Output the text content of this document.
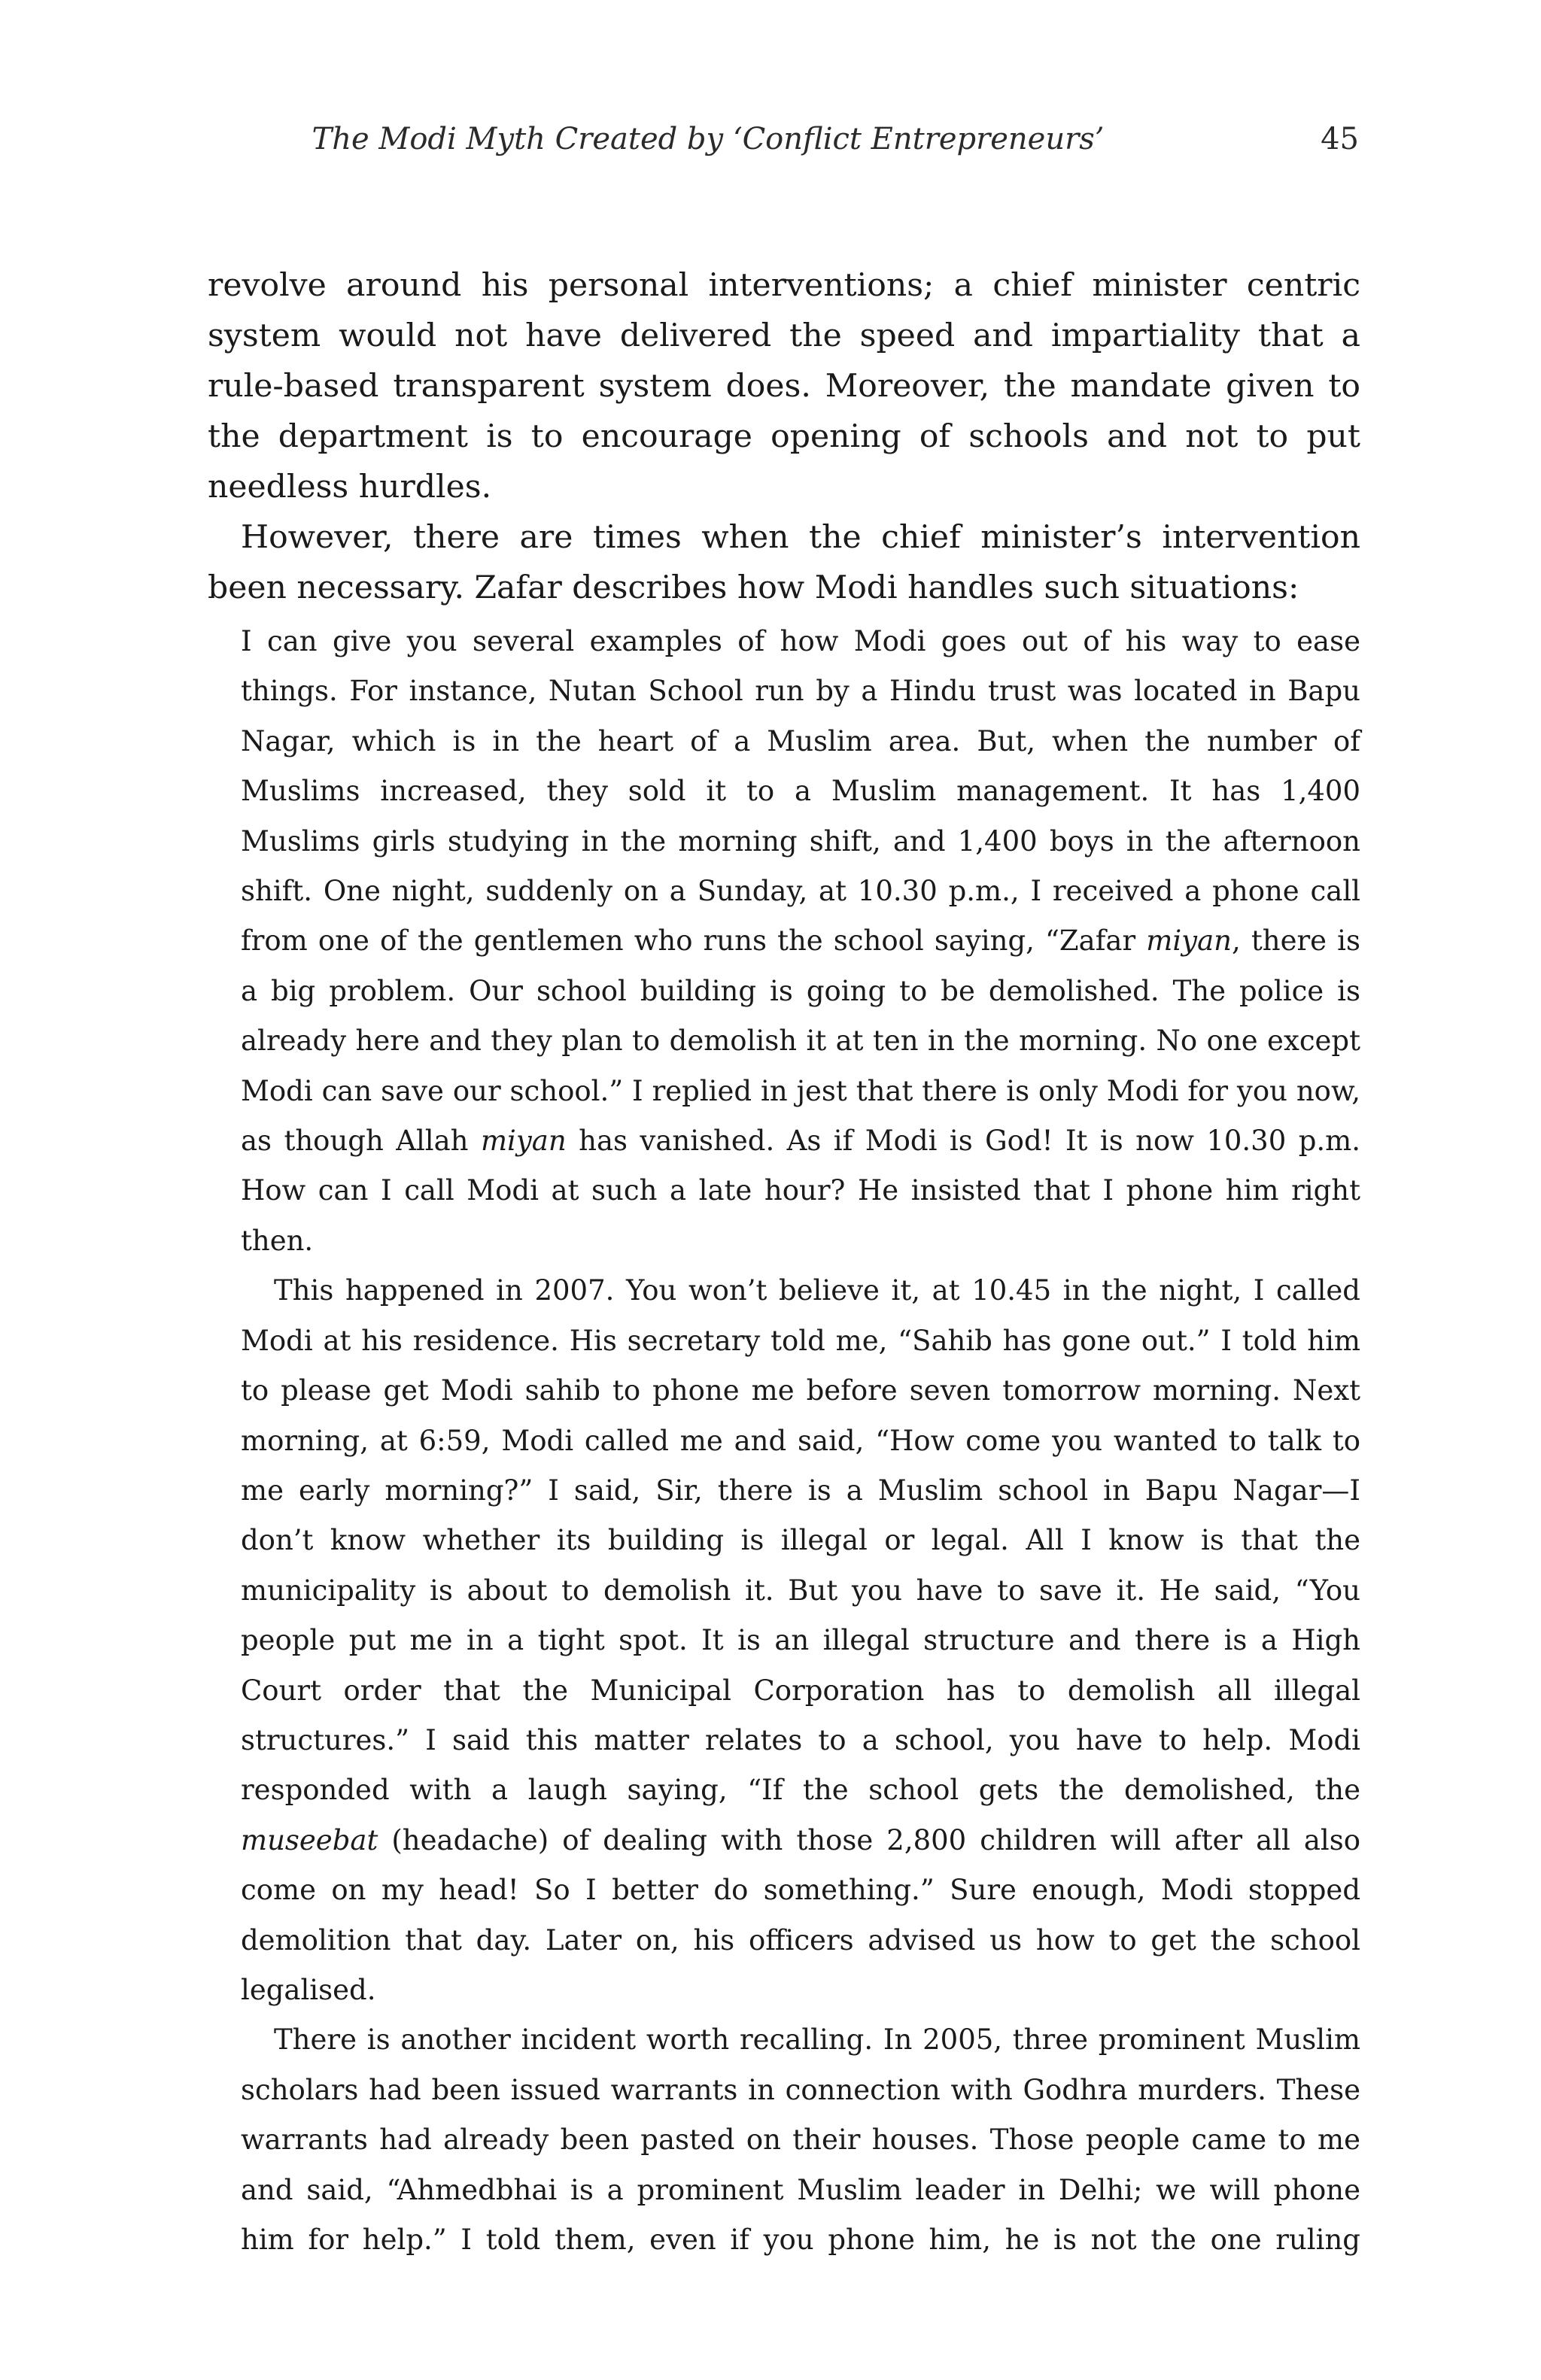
The Modi Myth Created by ‘Conflict Entrepreneurs’	45

revolve around his personal interventions; a chief minister centric system would not have delivered the speed and impartiality that a rule-based transparent system does. Moreover, the mandate given to the department is to encourage opening of schools and not to put needless hurdles.

However, there are times when the chief minister’s intervention been necessary. Zafar describes how Modi handles such situations:

I can give you several examples of how Modi goes out of his way to ease things. For instance, Nutan School run by a Hindu trust was located in Bapu Nagar, which is in the heart of a Muslim area. But, when the number of Muslims increased, they sold it to a Muslim management. It has 1,400 Muslims girls studying in the morning shift, and 1,400 boys in the afternoon shift. One night, suddenly on a Sunday, at 10.30 p.m., I received a phone call from one of the gentlemen who runs the school saying, “Zafar miyan, there is a big problem. Our school building is going to be demolished. The police is already here and they plan to demolish it at ten in the morning. No one except Modi can save our school.” I replied in jest that there is only Modi for you now, as though Allah miyan has vanished. As if Modi is God! It is now 10.30 p.m. How can I call Modi at such a late hour? He insisted that I phone him right then.

This happened in 2007. You won’t believe it, at 10.45 in the night, I called Modi at his residence. His secretary told me, “Sahib has gone out.” I told him to please get Modi sahib to phone me before seven tomorrow morning. Next morning, at 6:59, Modi called me and said, “How come you wanted to talk to me early morning?” I said, Sir, there is a Muslim school in Bapu Nagar—I don’t know whether its building is illegal or legal. All I know is that the municipality is about to demolish it. But you have to save it. He said, “You people put me in a tight spot. It is an illegal structure and there is a High Court order that the Municipal Corporation has to demolish all illegal structures.” I said this matter relates to a school, you have to help. Modi responded with a laugh saying, “If the school gets the demolished, the museebat (headache) of dealing with those 2,800 children will after all also come on my head! So I better do something.” Sure enough, Modi stopped demolition that day. Later on, his officers advised us how to get the school legalised.

There is another incident worth recalling. In 2005, three prominent Muslim scholars had been issued warrants in connection with Godhra murders. These warrants had already been pasted on their houses. Those people came to me and said, “Ahmedbhai is a prominent Muslim leader in Delhi; we will phone him for help.” I told them, even if you phone him, he is not the one ruling
